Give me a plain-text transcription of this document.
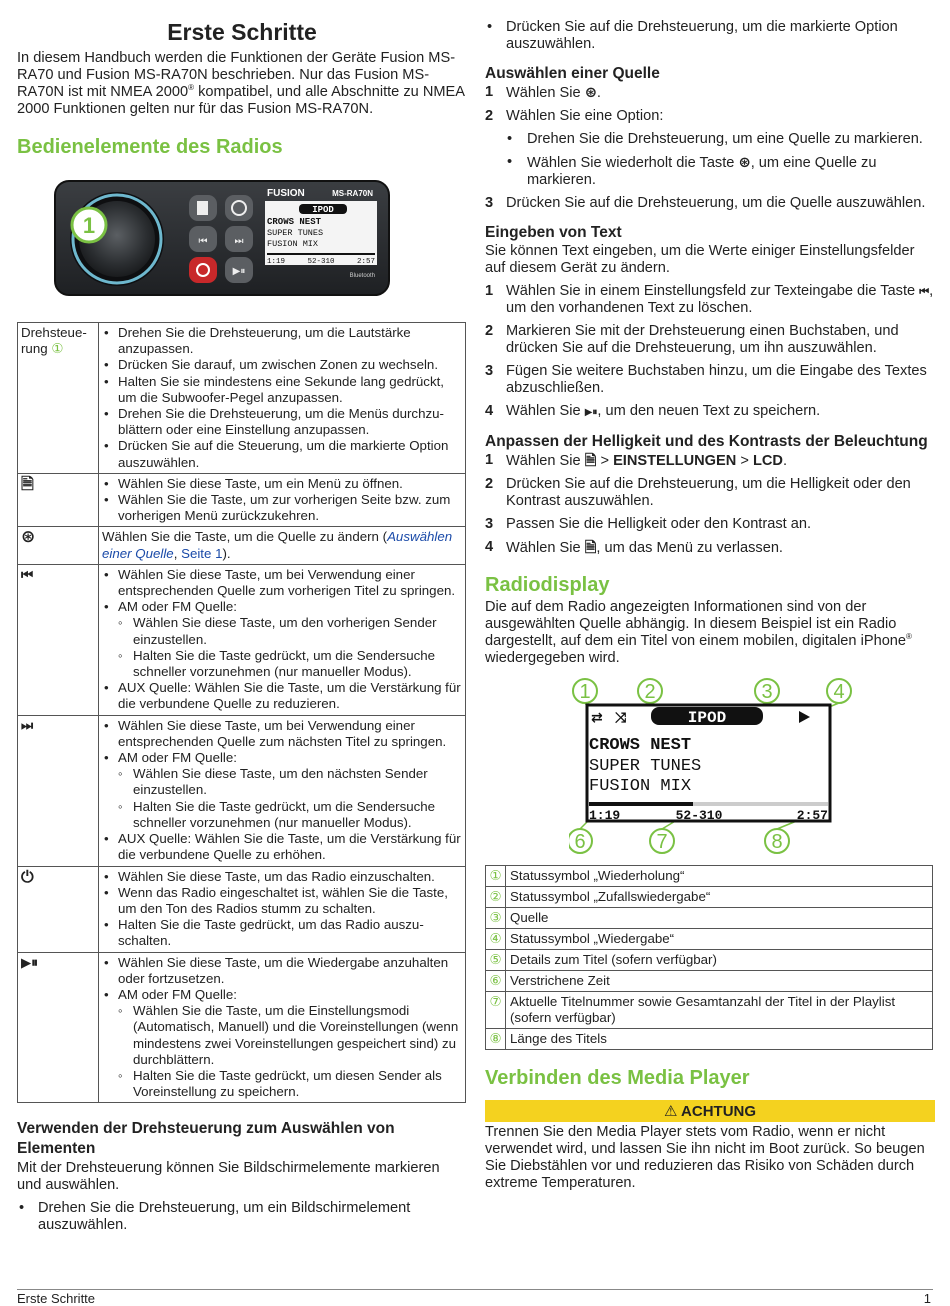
Erste Schritte

In diesem Handbuch werden die Funktionen der Geräte Fusion MS-RA70 und Fusion MS-RA70N beschrieben. Nur das Fusion MS-RA70N ist mit NMEA 2000® kompatibel, und alle Abschnitte zu NMEA 2000 Funktionen gelten nur für das Fusion MS-RA70N.

Bedienelemente des Radios
1
⏮	⏭
▶⏸
FUSION	MS-RA70N
IPOD
CROWS NEST
SUPER TUNES
FUSION MIX
1:19	52-310	2:57
Bluetooth
Drehsteue-rung ①	• Drehen Sie die Drehsteuerung, um die Lautstärke anzupassen.
• Drücken Sie darauf, um zwischen Zonen zu wechseln.
• Halten Sie sie mindestens eine Sekunde lang gedrückt, um die Subwoofer-Pegel anzupassen.
• Drehen Sie die Drehsteuerung, um die Menüs durchzublättern oder eine Einstellung anzupassen.
• Drücken Sie auf die Steuerung, um die markierte Option auszuwählen.

🗎	• Wählen Sie diese Taste, um ein Menü zu öffnen.
• Wählen Sie die Taste, um zur vorherigen Seite bzw. zum vorherigen Menü zurückzukehren.

⊛	Wählen Sie die Taste, um die Quelle zu ändern (Auswählen einer Quelle, Seite 1).
⏮	• Wählen Sie diese Taste, um bei Verwendung einer entsprechenden Quelle zum vorherigen Titel zu springen.
• AM oder FM Quelle:
◦ Wählen Sie diese Taste, um den vorherigen Sender einzustellen.
◦ Halten Sie die Taste gedrückt, um die Sendersuche schneller vorzunehmen (nur manueller Modus).
• AUX Quelle: Wählen Sie die Taste, um die Verstärkung für die verbundene Quelle zu reduzieren.

⏭	• Wählen Sie diese Taste, um bei Verwendung einer entsprechenden Quelle zum nächsten Titel zu springen.
• AM oder FM Quelle:
◦ Wählen Sie diese Taste, um den nächsten Sender einzustellen.
◦ Halten Sie die Taste gedrückt, um die Sendersuche schneller vorzunehmen (nur manueller Modus).
• AUX Quelle: Wählen Sie die Taste, um die Verstärkung für die verbundene Quelle zu erhöhen.

⏻	• Wählen Sie diese Taste, um das Radio einzuschalten.
• Wenn das Radio eingeschaltet ist, wählen Sie die Taste, um den Ton des Radios stumm zu schalten.
• Halten Sie die Taste gedrückt, um das Radio auszuschalten.

▶⏸	• Wählen Sie diese Taste, um die Wiedergabe anzuhalten oder fortzusetzen.
• AM oder FM Quelle:
◦ Wählen Sie die Taste, um die Einstellungsmodi (Automatisch, Manuell) und die Voreinstellungen (wenn mindestens zwei Voreinstellungen gespeichert sind) zu durchblättern.
◦ Halten Sie die Taste gedrückt, um diesen Sender als Voreinstellung zu speichern.
Verwenden der Drehsteuerung zum Auswählen von Elementen

Mit der Drehsteuerung können Sie Bildschirmelemente markieren und auswählen.

• Drehen Sie die Drehsteuerung, um ein Bildschirmelement auszuwählen.
• Drücken Sie auf die Drehsteuerung, um die markierte Option auszuwählen.
Auswählen einer Quelle
1 Wählen Sie ⊛.
2 Wählen Sie eine Option:
• Drehen Sie die Drehsteuerung, um eine Quelle zu markieren.
• Wählen Sie wiederholt die Taste ⊛, um eine Quelle zu markieren.
3 Drücken Sie auf die Drehsteuerung, um die Quelle auszuwählen.
Eingeben von Text

Sie können Text eingeben, um die Werte einiger Einstellungsfelder auf diesem Gerät zu ändern.

1 Wählen Sie in einem Einstellungsfeld zur Texteingabe die Taste ⏮, um den vorhandenen Text zu löschen.
2 Markieren Sie mit der Drehsteuerung einen Buchstaben, und drücken Sie auf die Drehsteuerung, um ihn auszuwählen.
3 Fügen Sie weitere Buchstaben hinzu, um die Eingabe des Textes abzuschließen.
4 Wählen Sie ▶⏸, um den neuen Text zu speichern.
Anpassen der Helligkeit und des Kontrasts der Beleuchtung
1 Wählen Sie 🗎 > EINSTELLUNGEN > LCD.
2 Drücken Sie auf die Drehsteuerung, um die Helligkeit oder den Kontrast auszuwählen.
3 Passen Sie die Helligkeit oder den Kontrast an.
4 Wählen Sie 🗎, um das Menü zu verlassen.
Radiodisplay

Die auf dem Radio angezeigten Informationen sind von der ausgewählten Quelle abhängig. In diesem Beispiel ist ein Radio dargestellt, auf dem ein Titel von einem mobilen, digitalen iPhone® wiedergegeben wird.

1	2	3	4
6	7	8
⇄ ⤨	IPOD
CROWS NEST
SUPER TUNES
FUSION MIX
1:19	52-310	2:57
①	Statussymbol „Wiederholung“
②	Statussymbol „Zufallswiedergabe“
③	Quelle
④	Statussymbol „Wiedergabe“
⑤	Details zum Titel (sofern verfügbar)
⑥	Verstrichene Zeit
⑦	Aktuelle Titelnummer sowie Gesamtanzahl der Titel in der Playlist (sofern verfügbar)
⑧	Länge des Titels
Verbinden des Media Player
⚠ ACHTUNG

Trennen Sie den Media Player stets vom Radio, wenn er nicht verwendet wird, und lassen Sie ihn nicht im Boot zurück. So beugen Sie Diebstählen vor und reduzieren das Risiko von Schäden durch extreme Temperaturen.

Erste Schritte	1
